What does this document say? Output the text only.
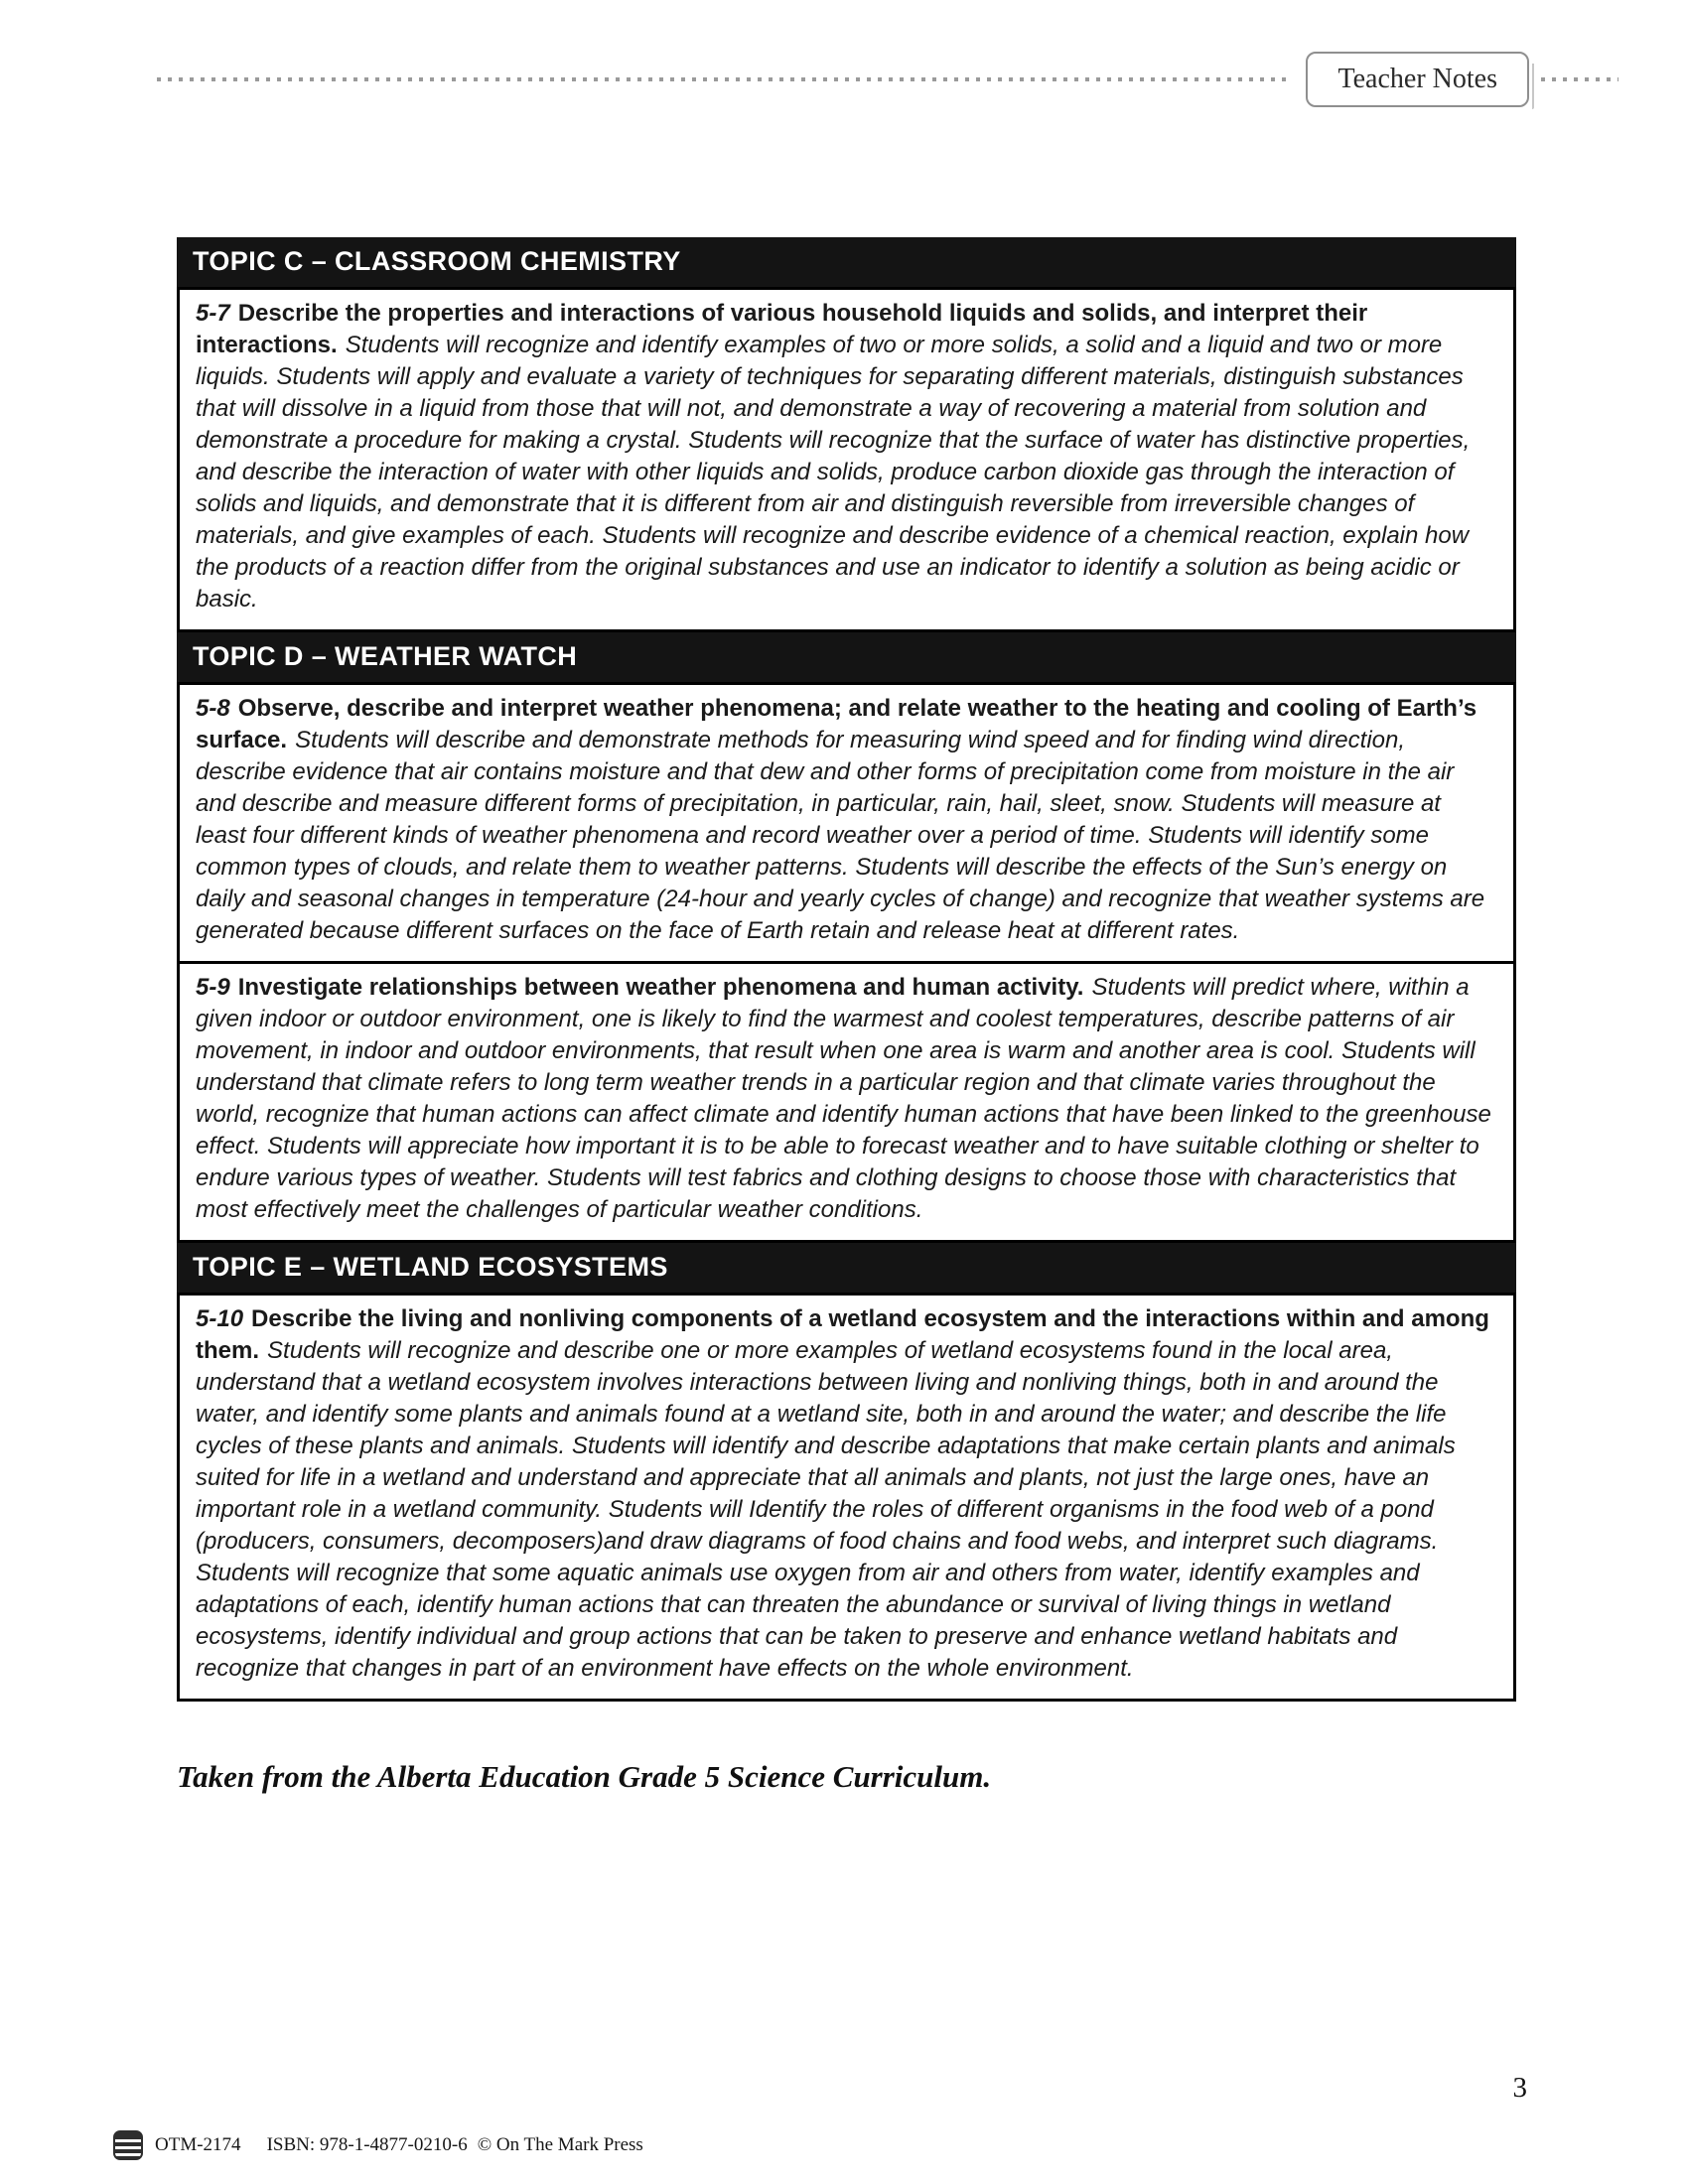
Teacher Notes
TOPIC C – CLASSROOM CHEMISTRY
5-7 Describe the properties and interactions of various household liquids and solids, and interpret their interactions. Students will recognize and identify examples of two or more solids, a solid and a liquid and two or more liquids. Students will apply and evaluate a variety of techniques for separating different materials, distinguish substances that will dissolve in a liquid from those that will not, and demonstrate a way of recovering a material from solution and demonstrate a procedure for making a crystal. Students will recognize that the surface of water has distinctive properties, and describe the interaction of water with other liquids and solids, produce carbon dioxide gas through the interaction of solids and liquids, and demonstrate that it is different from air and distinguish reversible from irreversible changes of materials, and give examples of each. Students will recognize and describe evidence of a chemical reaction, explain how the products of a reaction differ from the original substances and use an indicator to identify a solution as being acidic or basic.
TOPIC D – WEATHER WATCH
5-8 Observe, describe and interpret weather phenomena; and relate weather to the heating and cooling of Earth’s surface. Students will describe and demonstrate methods for measuring wind speed and for finding wind direction, describe evidence that air contains moisture and that dew and other forms of precipitation come from moisture in the air and describe and measure different forms of precipitation, in particular, rain, hail, sleet, snow. Students will measure at least four different kinds of weather phenomena and record weather over a period of time. Students will identify some common types of clouds, and relate them to weather patterns. Students will describe the effects of the Sun’s energy on daily and seasonal changes in temperature (24-hour and yearly cycles of change) and recognize that weather systems are generated because different surfaces on the face of Earth retain and release heat at different rates.
5-9 Investigate relationships between weather phenomena and human activity. Students will predict where, within a given indoor or outdoor environment, one is likely to find the warmest and coolest temperatures, describe patterns of air movement, in indoor and outdoor environments, that result when one area is warm and another area is cool. Students will understand that climate refers to long term weather trends in a particular region and that climate varies throughout the world, recognize that human actions can affect climate and identify human actions that have been linked to the greenhouse effect. Students will appreciate how important it is to be able to forecast weather and to have suitable clothing or shelter to endure various types of weather. Students will test fabrics and clothing designs to choose those with characteristics that most effectively meet the challenges of particular weather conditions.
TOPIC E – WETLAND ECOSYSTEMS
5-10 Describe the living and nonliving components of a wetland ecosystem and the interactions within and among them. Students will recognize and describe one or more examples of wetland ecosystems found in the local area, understand that a wetland ecosystem involves interactions between living and nonliving things, both in and around the water, and identify some plants and animals found at a wetland site, both in and around the water; and describe the life cycles of these plants and animals. Students will identify and describe adaptations that make certain plants and animals suited for life in a wetland and understand and appreciate that all animals and plants, not just the large ones, have an important role in a wetland community. Students will Identify the roles of different organisms in the food web of a pond (producers, consumers, decomposers)and draw diagrams of food chains and food webs, and interpret such diagrams. Students will recognize that some aquatic animals use oxygen from air and others from water, identify examples and adaptations of each, identify human actions that can threaten the abundance or survival of living things in wetland ecosystems, identify individual and group actions that can be taken to preserve and enhance wetland habitats and recognize that changes in part of an environment have effects on the whole environment.
Taken from the Alberta Education Grade 5 Science Curriculum.
OTM-2174 ISBN: 978-1-4877-0210-6 © On The Mark Press
3
